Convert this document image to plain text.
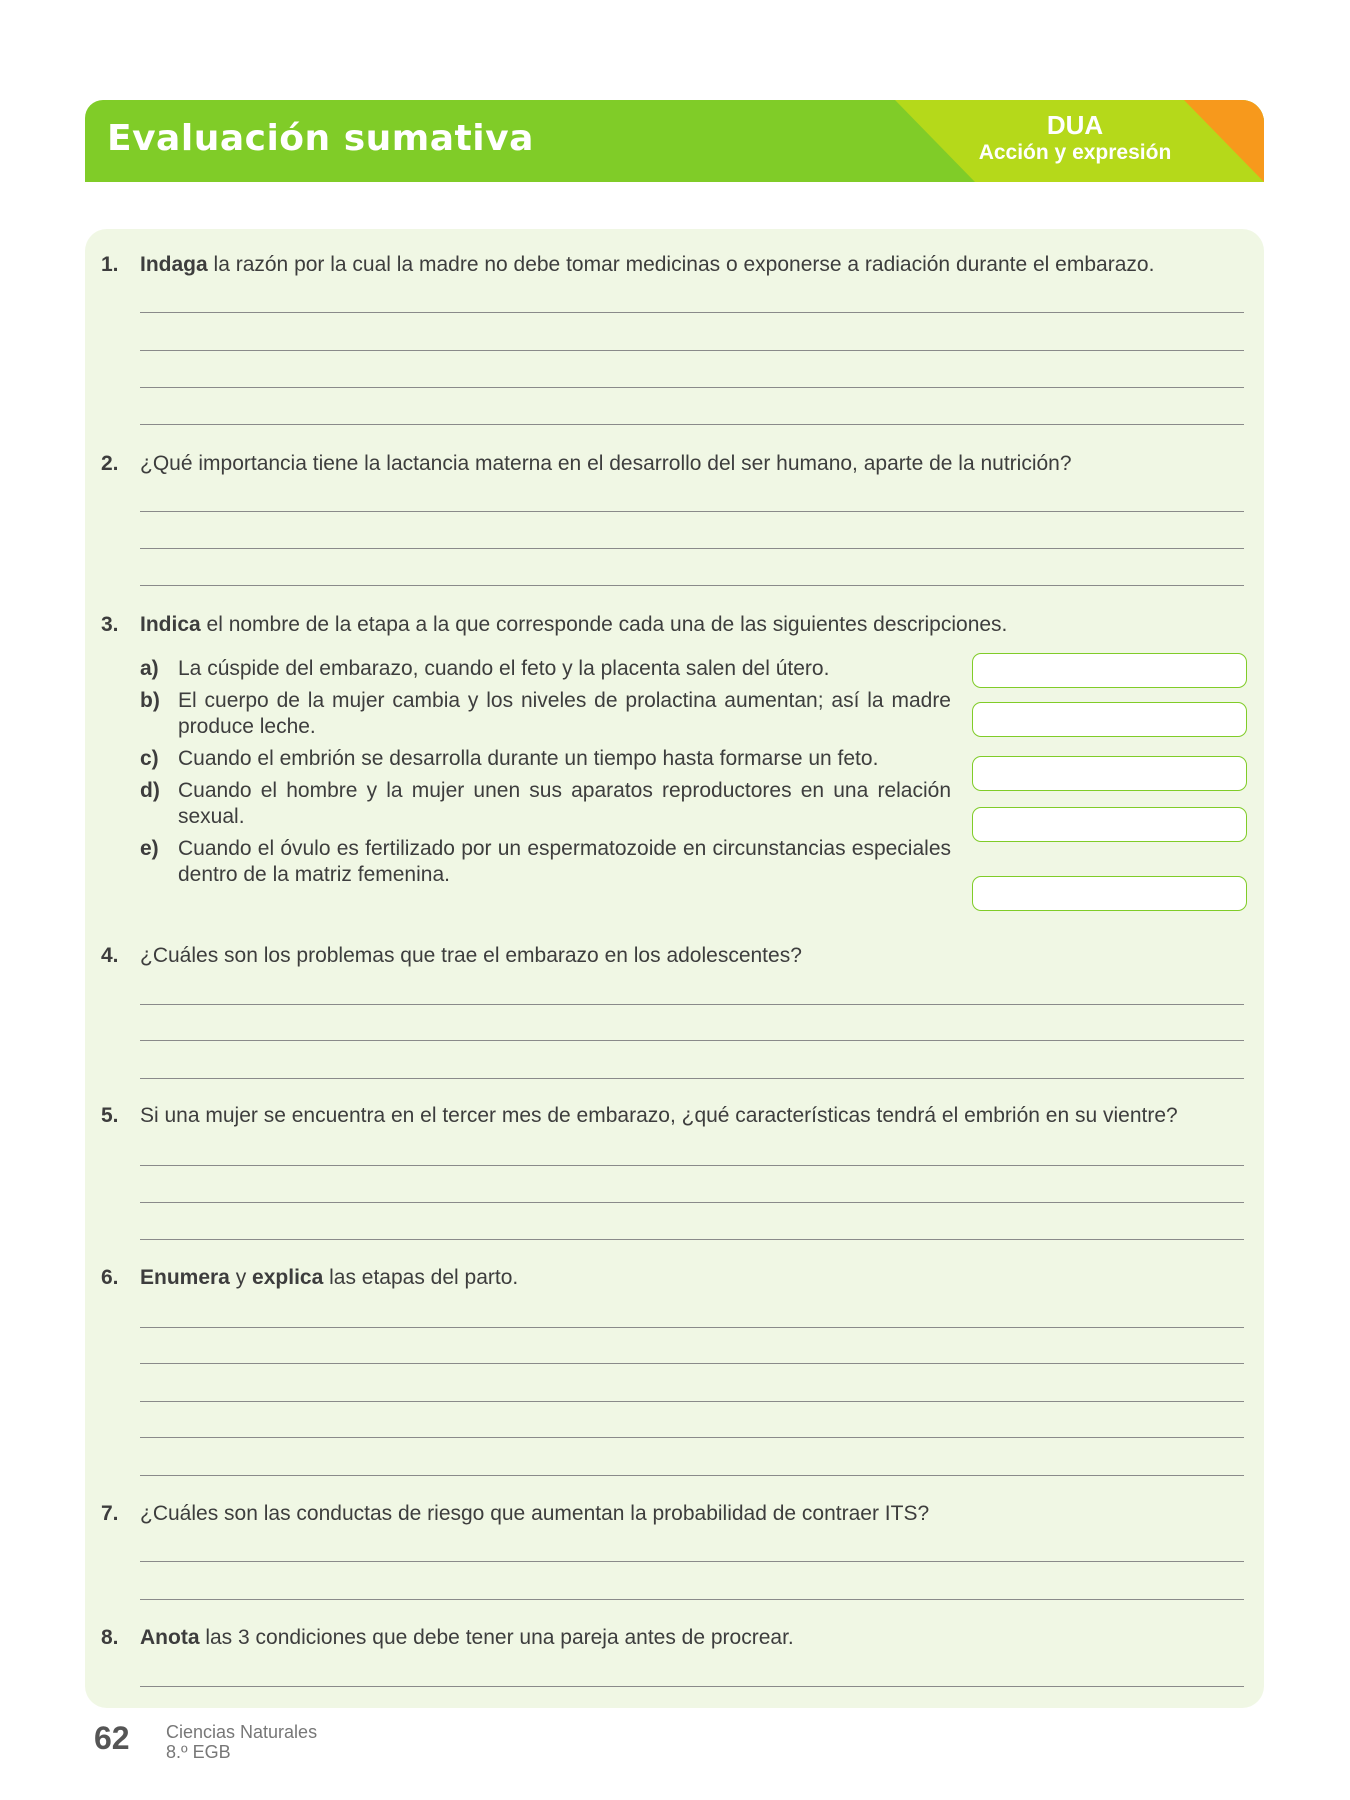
Evaluación sumativa	DUA
Acción y expresión
1. Indaga la razón por la cual la madre no debe tomar medicinas o exponerse a radiación durante el embarazo.
2. ¿Qué importancia tiene la lactancia materna en el desarrollo del ser humano, aparte de la nutrición?
3. Indica el nombre de la etapa a la que corresponde cada una de las siguientes descripciones.
a) La cúspide del embarazo, cuando el feto y la placenta salen del útero.
b) El cuerpo de la mujer cambia y los niveles de prolactina aumentan; así la madre produce leche.
c) Cuando el embrión se desarrolla durante un tiempo hasta formarse un feto.
d) Cuando el hombre y la mujer unen sus aparatos reproductores en una relación sexual.
e) Cuando el óvulo es fertilizado por un espermatozoide en circunstancias especiales dentro de la matriz femenina.
4. ¿Cuáles son los problemas que trae el embarazo en los adolescentes?
5. Si una mujer se encuentra en el tercer mes de embarazo, ¿qué características tendrá el embrión en su vientre?
6. Enumera y explica las etapas del parto.
7. ¿Cuáles son las conductas de riesgo que aumentan la probabilidad de contraer ITS?
8. Anota las 3 condiciones que debe tener una pareja antes de procrear.
62 Ciencias Naturales
8.º EGB
